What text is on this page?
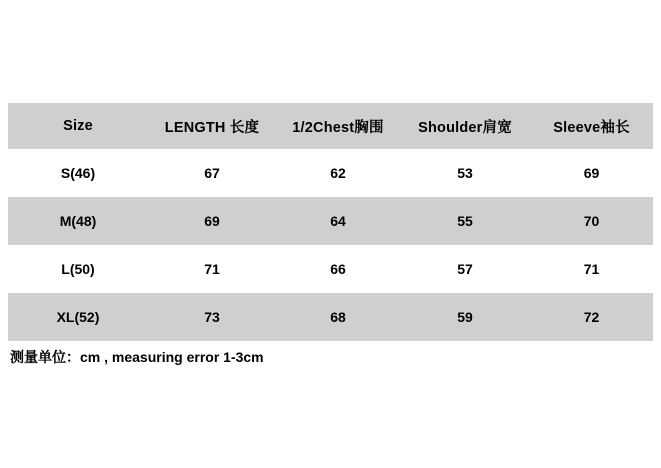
Size	LENGTH 长度	1/2Chest胸围	Shoulder肩宽	Sleeve袖长
S(46)	67	62	53	69
M(48)	69	64	55	70
L(50)	71	66	57	71
XL(52)	73	68	59	72
测量单位：cm , measuring error 1-3cm
